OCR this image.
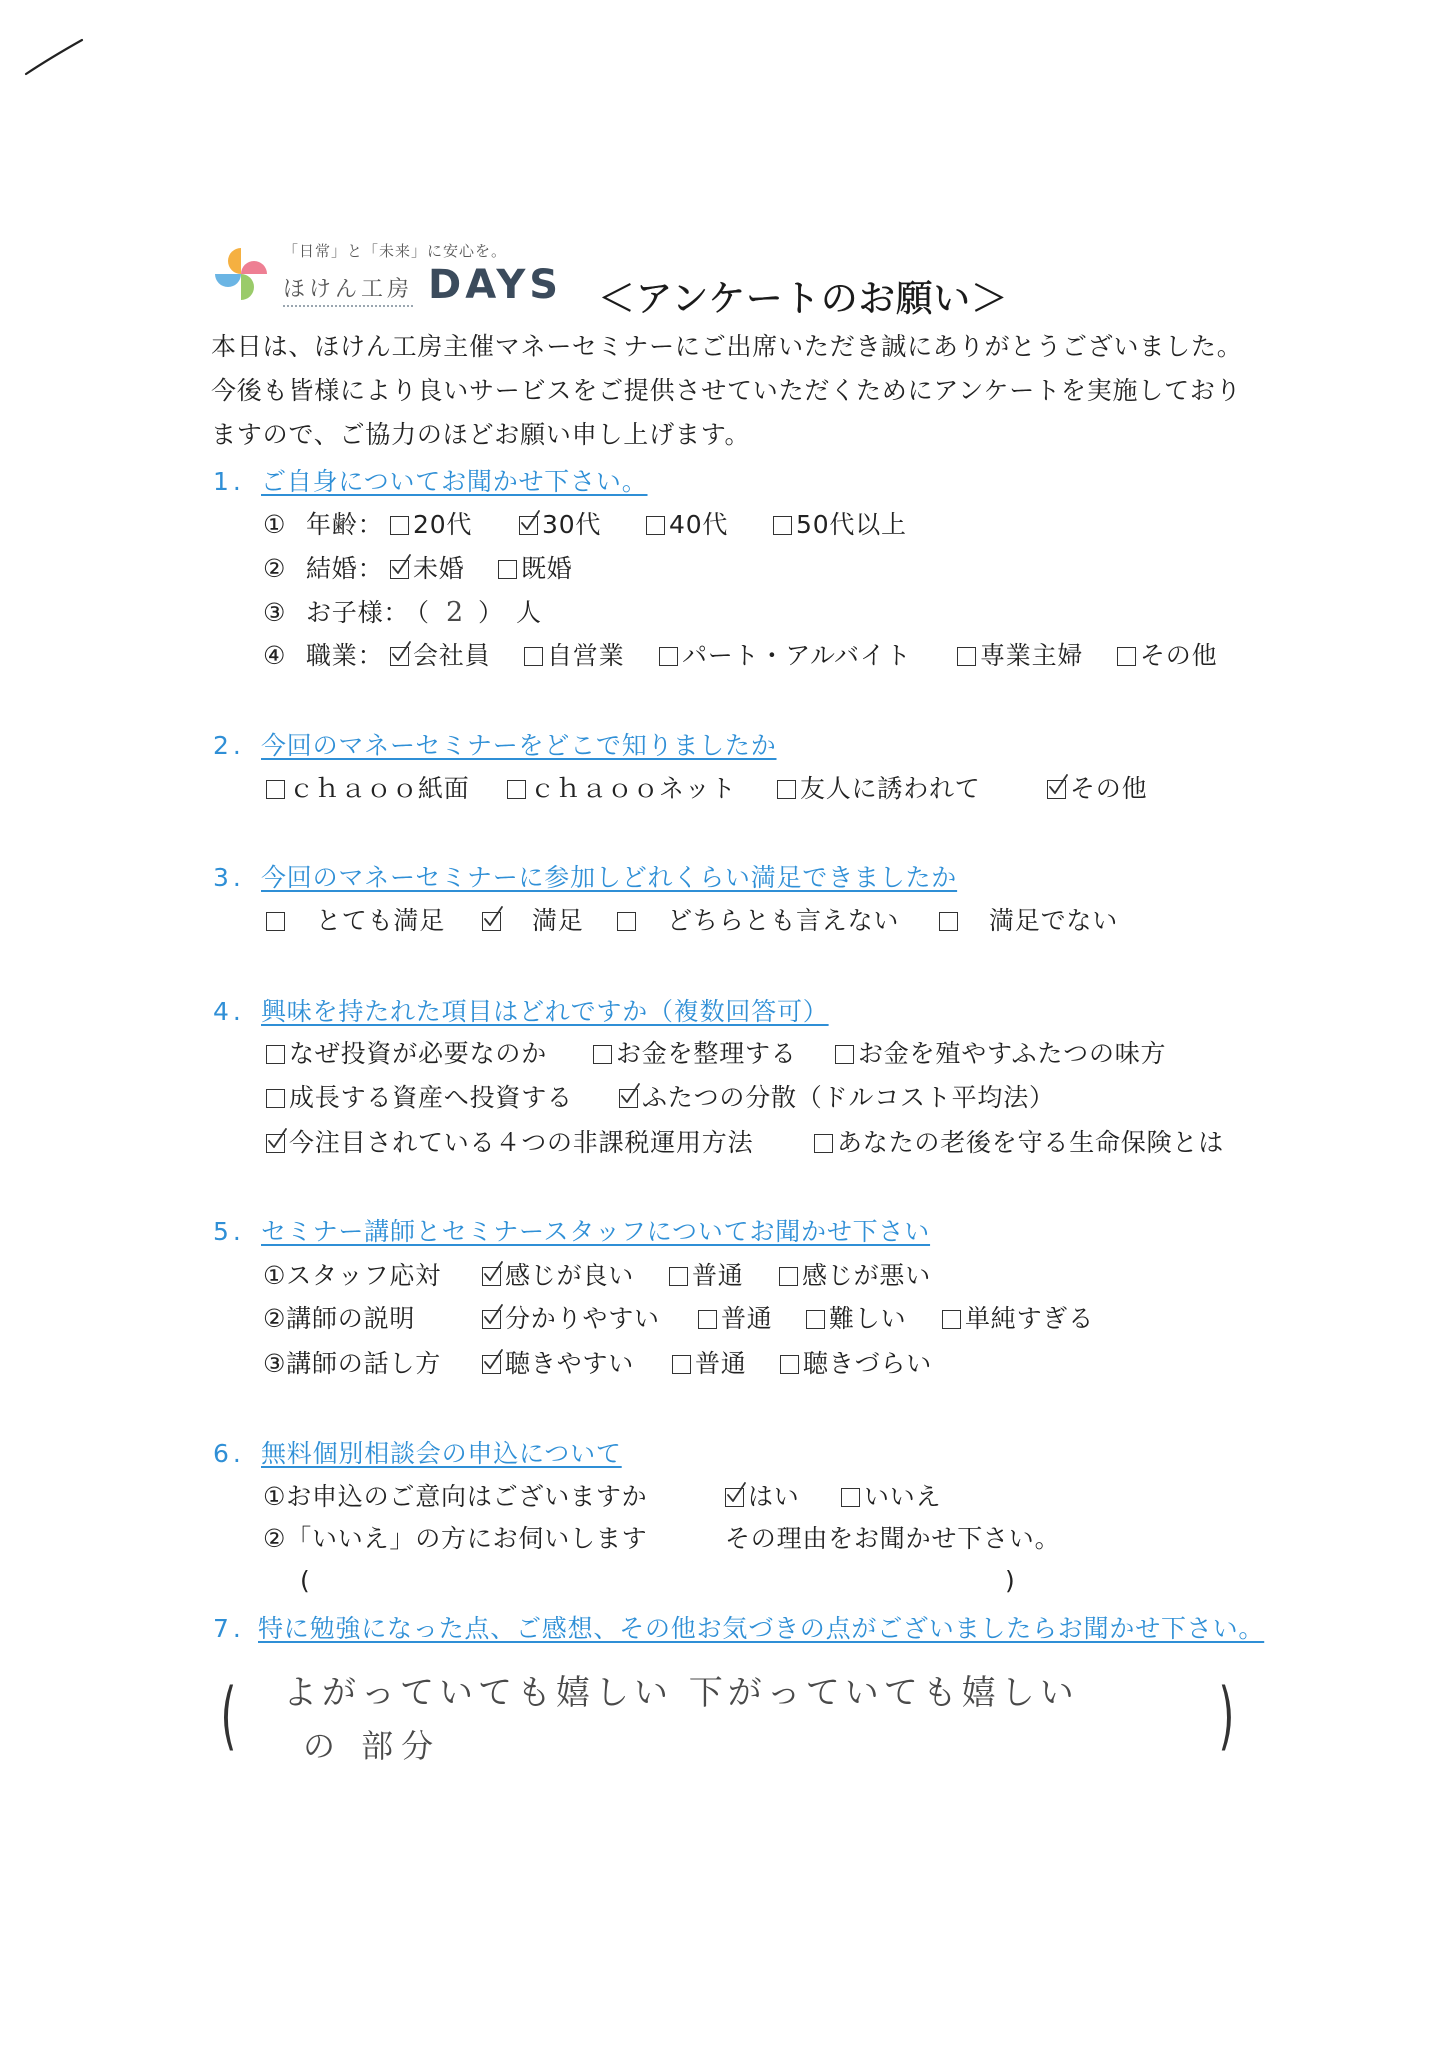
「日常」と「未来」に安心を。
ほけん工房 DAYS ＜アンケートのお願い＞
本日は、ほけん工房主催マネーセミナーにご出席いただき誠にありがとうございました。
今後も皆様により良いサービスをご提供させていただくためにアンケートを実施しており
ますので、ご協力のほどお願い申し上げます。
1. ご自身についてお聞かせ下さい。
① 年齢： 20代	30代	40代	50代以上
② 結婚： 未婚 既婚
③ お子様：
（ 2 ） 人
④ 職業： 会社員 自営業 パート・アルバイト	専業主婦 その他
2. 今回のマネーセミナーをどこで知りましたか
ｃｈａｏｏ紙面 ｃｈａｏｏネット	友人に誘われて	その他
3. 今回のマネーセミナーに参加しどれくらい満足できましたか
とても満足	満足	どちらとも言えない	満足でない
4. 興味を持たれた項目はどれですか（複数回答可）
なぜ投資が必要なのか	お金を整理する お金を殖やすふたつの味方
成長する資産へ投資する	ふたつの分散（ドルコスト平均法）
今注目されている４つの非課税運用方法	あなたの老後を守る生命保険とは
5. セミナー講師とセミナースタッフについてお聞かせ下さい
①スタッフ応対	感じが良い 普通 感じが悪い
②講師の説明	分かりやすい 普通 難しい 単純すぎる
③講師の話し方	聴きやすい 普通 聴きづらい
6. 無料個別相談会の申込について
①お申込のご意向はございますか	はい	いいえ
②「いいえ」の方にお伺いします	その理由をお聞かせ下さい。
(	)
7. 特に勉強になった点、ご感想、その他お気づきの点がございましたらお聞かせ下さい。
(	)
よがっていても嬉しい 下がっていても嬉しい
の 部分
